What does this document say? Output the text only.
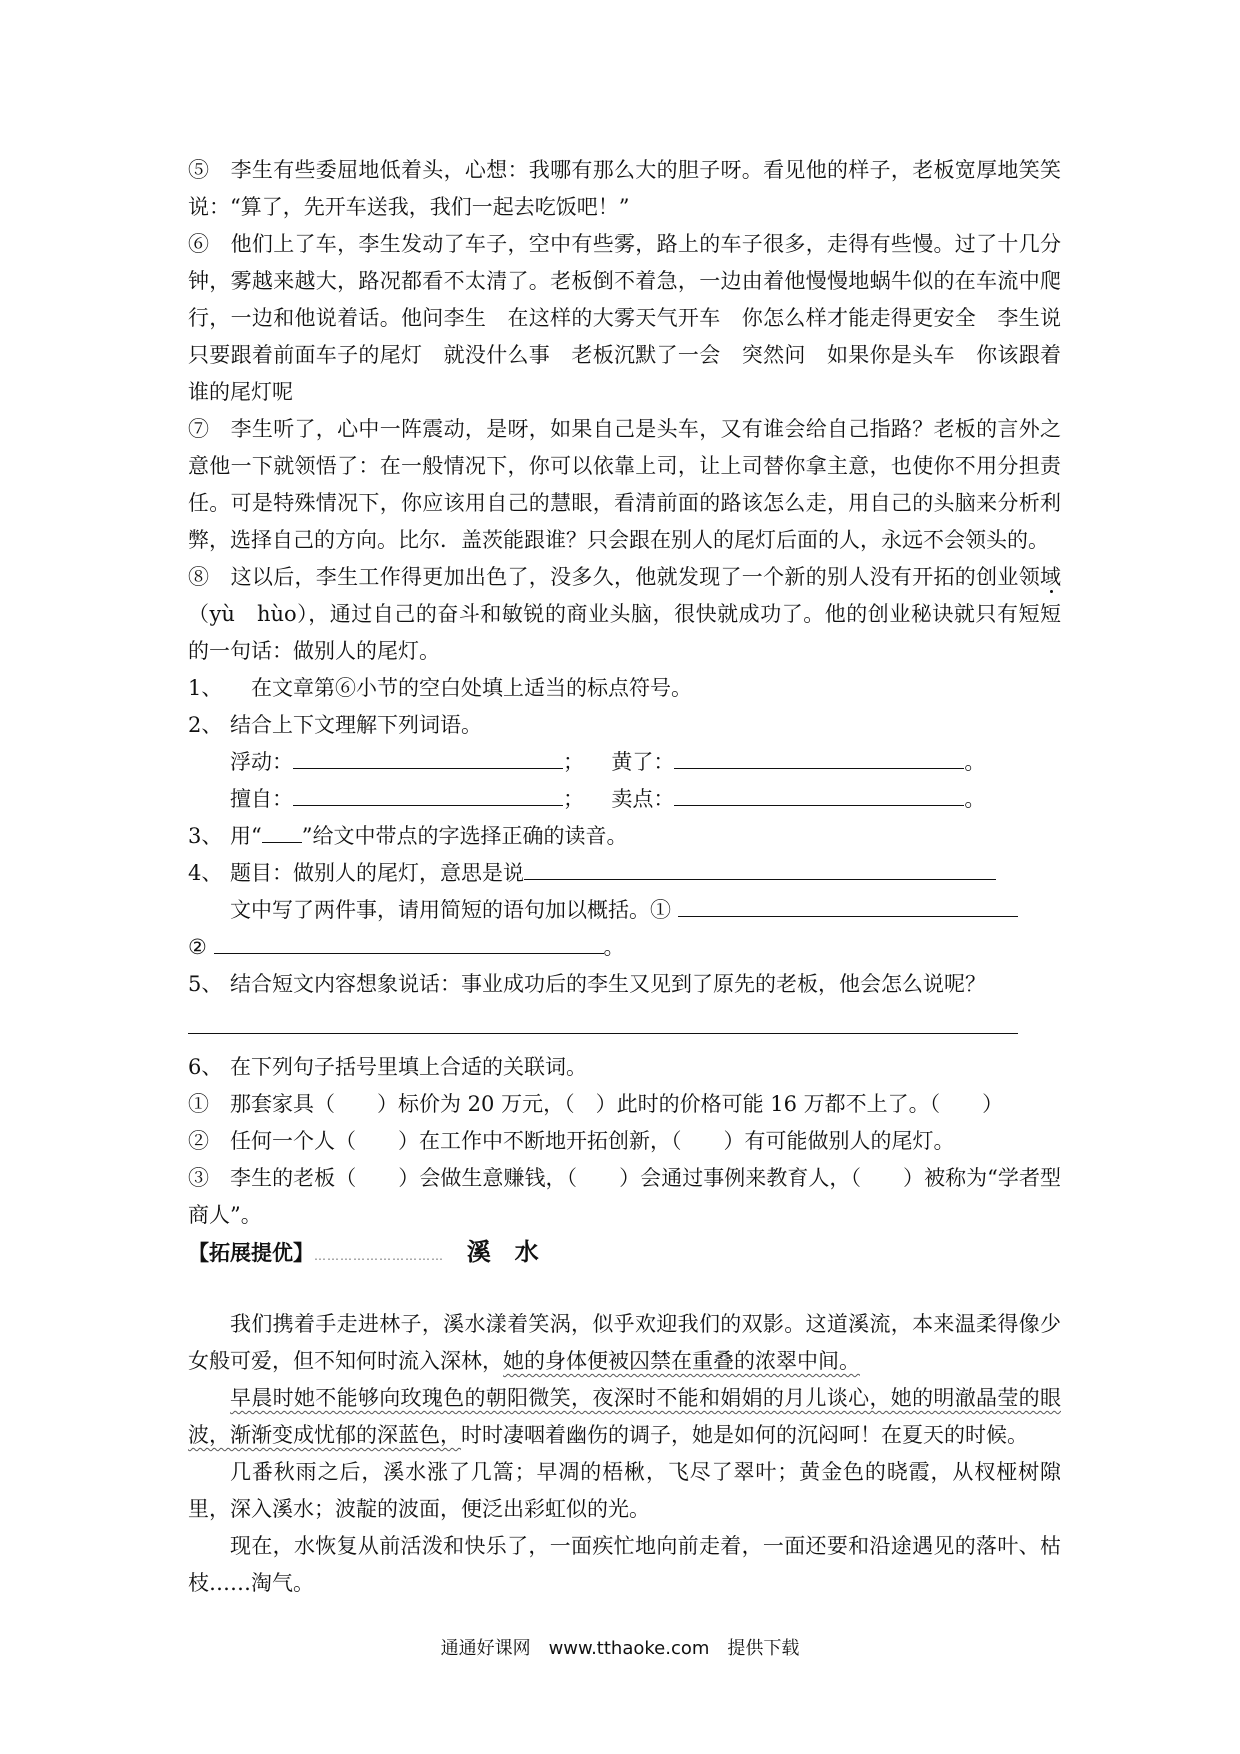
⑤　李生有些委屈地低着头，心想：我哪有那么大的胆子呀。看见他的样子，老板宽厚地笑笑说：“算了，先开车送我，我们一起去吃饭吧！”

⑥　他们上了车，李生发动了车子，空中有些雾，路上的车子很多，走得有些慢。过了十几分钟，雾越来越大，路况都看不太清了。老板倒不着急，一边由着他慢慢地蜗牛似的在车流中爬行，一边和他说着话。他问李生　在这样的大雾天气开车　你怎么样才能走得更安全　李生说只要跟着前面车子的尾灯　就没什么事　老板沉默了一会　突然问　如果你是头车　你该跟着谁的尾灯呢

⑦　李生听了，心中一阵震动，是呀，如果自己是头车，又有谁会给自己指路？老板的言外之意他一下就领悟了：在一般情况下，你可以依靠上司，让上司替你拿主意，也使你不用分担责任。可是特殊情况下，你应该用自己的慧眼，看清前面的路该怎么走，用自己的头脑来分析利弊，选择自己的方向。比尔．盖茨能跟谁？只会跟在别人的尾灯后面的人，永远不会领头的。

⑧　这以后，李生工作得更加出色了，没多久，他就发现了一个新的别人没有开拓的创业领域（yù　hùo），通过自己的奋斗和敏锐的商业头脑，很快就成功了。他的创业秘诀就只有短短的一句话：做别人的尾灯。

1、　在文章第⑥小节的空白处填上适当的标点符号。
2、 结合上下文理解下列词语。
浮动：	； 黄了：	。
擅自：	； 卖点：	。
3、 用“ ”给文中带点的字选择正确的读音。
4、 题目：做别人的尾灯，意思是说
文中写了两件事，请用简短的语句加以概括。①
②	。
5、 结合短文内容想象说话：事业成功后的李生又见到了原先的老板，他会怎么说呢？
6、 在下列句子括号里填上合适的关联词。
①　那套家具（　　）标价为 20 万元，（　）此时的价格可能 16 万都不上了。（　　）
②　任何一个人（　　）在工作中不断地开拓创新，（　　）有可能做别人的尾灯。
③　李生的老板（　　）会做生意赚钱，（　　）会通过事例来教育人，（　　）被称为“学者型商人”。
【拓展提优】………………………… 溪　水

我们携着手走进林子，溪水漾着笑涡，似乎欢迎我们的双影。这道溪流，本来温柔得像少女般可爱，但不知何时流入深林，她的身体便被囚禁在重叠的浓翠中间。

早晨时她不能够向玫瑰色的朝阳微笑，夜深时不能和娟娟的月儿谈心，她的明澈晶莹的眼波，渐渐变成忧郁的深蓝色，时时凄咽着幽伤的调子，她是如何的沉闷呵！在夏天的时候。

几番秋雨之后，溪水涨了几篙；早凋的梧楸，飞尽了翠叶；黄金色的晓霞，从杈桠树隙里，深入溪水；波靛的波面，便泛出彩虹似的光。

现在，水恢复从前活泼和快乐了，一面疾忙地向前走着，一面还要和沿途遇见的落叶、枯枝……淘气。

通通好课网　www.tthaoke.com　提供下载
